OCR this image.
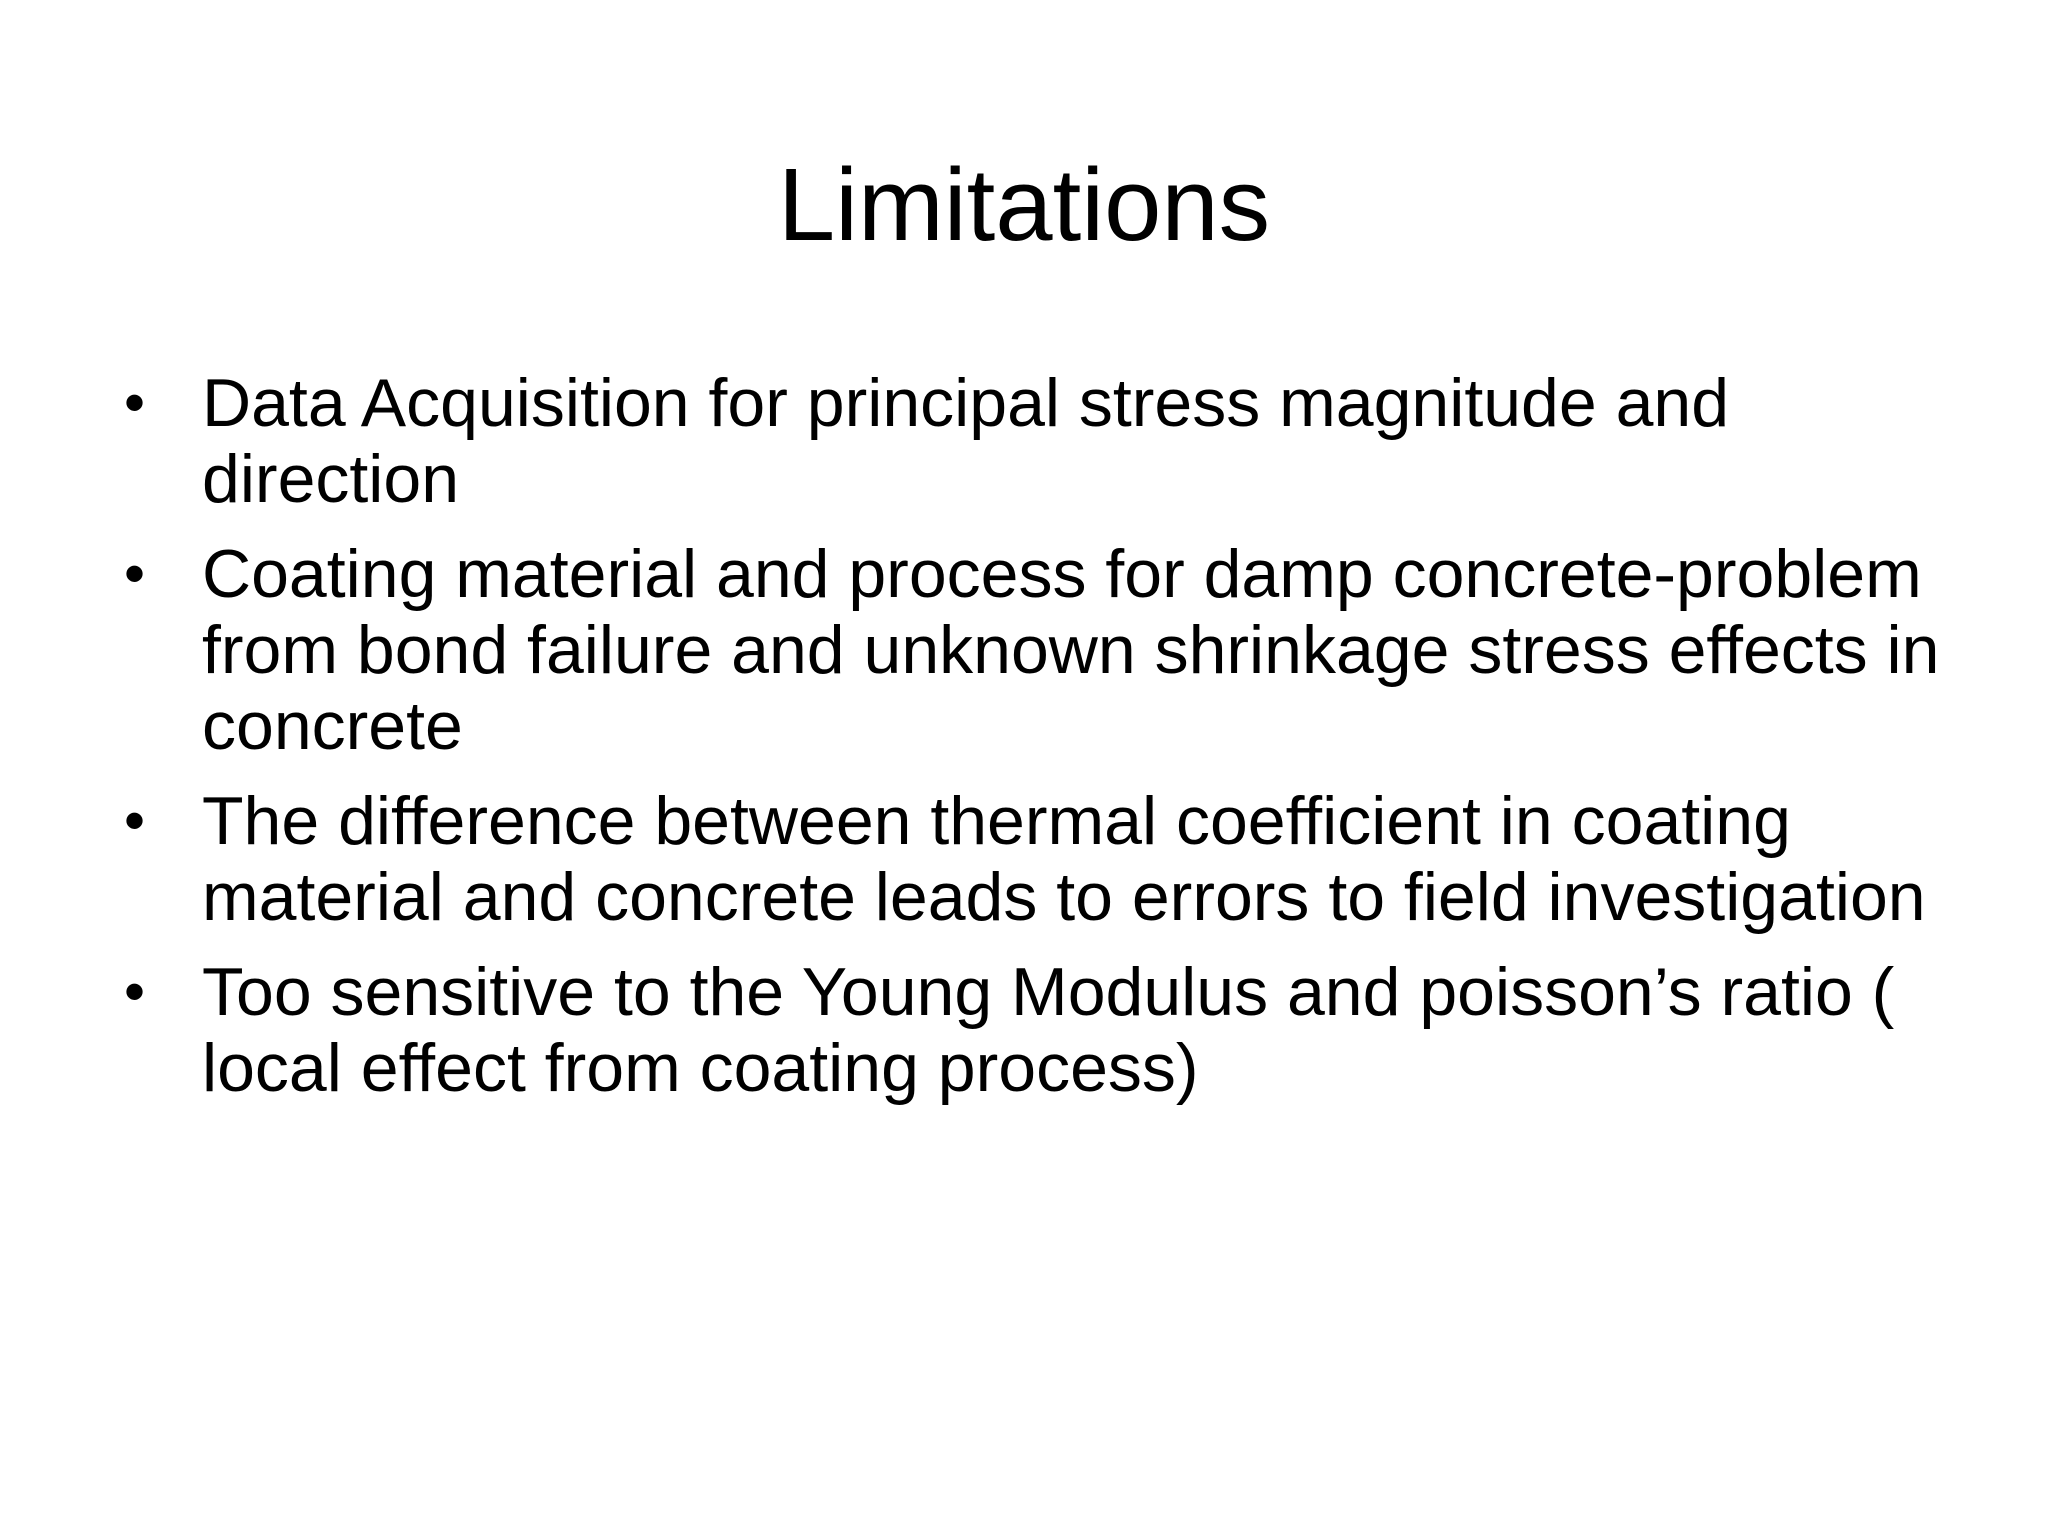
Limitations
• Data Acquisition for principal stress magnitude and direction
• Coating material and process for damp concrete-problem from bond failure and unknown shrinkage stress effects in concrete
• The difference between thermal coefficient in coating material and concrete leads to errors to field investigation
• Too sensitive to the Young Modulus and poisson’s ratio ( local effect from coating process)
